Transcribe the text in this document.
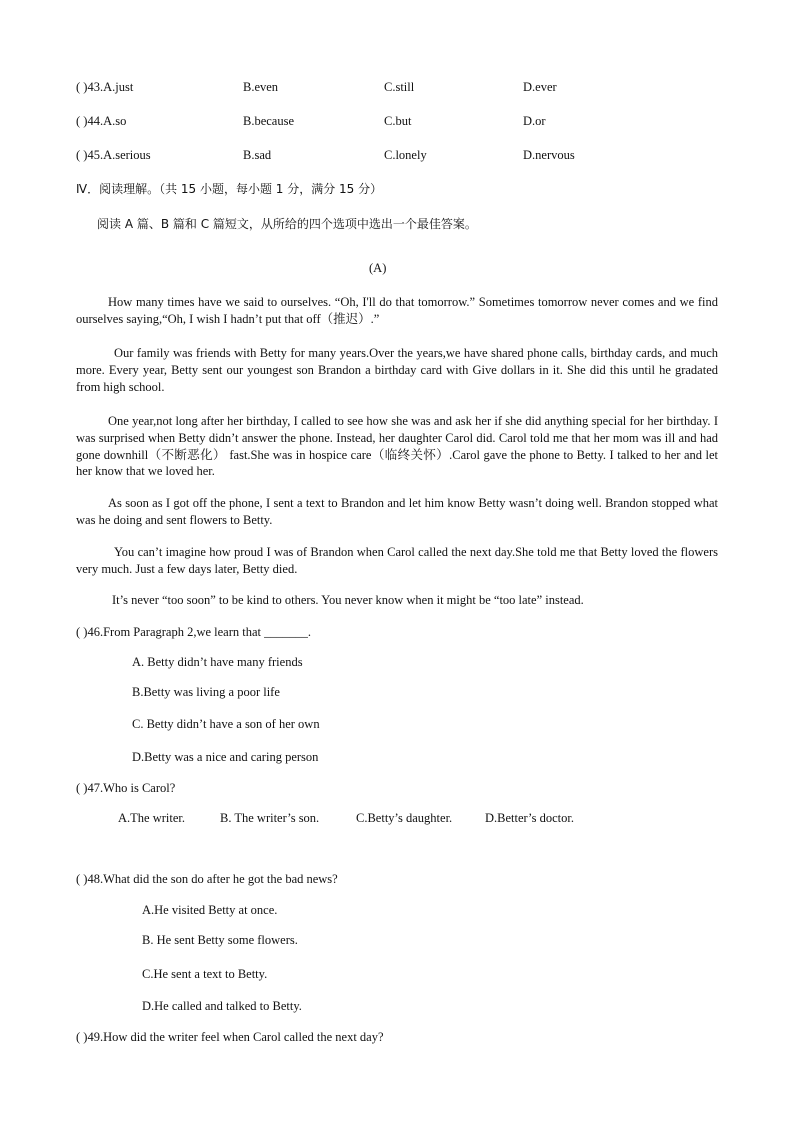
( )43.A.just	B.even	C.still	D.ever
( )44.A.so	B.because	C.but	D.or
( )45.A.serious	B.sad	C.lonely	D.nervous
Ⅳ．阅读理解。（共 15 小题，每小题 1 分，满分 15 分）
阅读 A 篇、B 篇和 C 篇短文，从所给的四个选项中选出一个最佳答案。
(A)
How many times have we said to ourselves. “Oh, I'll do that tomorrow.” Sometimes tomorrow never comes and we find ourselves saying,“Oh, I wish I hadn’t put that off（推迟）.”
Our family was friends with Betty for many years.Over the years,we have shared phone calls, birthday cards, and much more. Every year, Betty sent our youngest son Brandon a birthday card with Give dollars in it. She did this until he gradated from high school.
One year,not long after her birthday, I called to see how she was and ask her if she did anything special for her birthday. I was surprised when Betty didn’t answer the phone. Instead, her daughter Carol did. Carol told me that her mom was ill and had gone downhill（不断恶化） fast.She was in hospice care（临终关怀）.Carol gave the phone to Betty. I talked to her and let her know that we loved her.
As soon as I got off the phone, I sent a text to Brandon and let him know Betty wasn’t doing well. Brandon stopped what was he doing and sent flowers to Betty.
You can’t imagine how proud I was of Brandon when Carol called the next day.She told me that Betty loved the flowers very much. Just a few days later, Betty died.
It’s never “too soon” to be kind to others. You never know when it might be “too late” instead.
( )46.From Paragraph 2,we learn that _______.
A. Betty didn’t have many friends
B.Betty was living a poor life
C. Betty didn’t have a son of her own
D.Betty was a nice and caring person
( )47.Who is Carol?
A.The writer.	B. The writer’s son.	C.Betty’s daughter.	D.Better’s doctor.
( )48.What did the son do after he got the bad news?
A.He visited Betty at once.
B. He sent Betty some flowers.
C.He sent a text to Betty.
D.He called and talked to Betty.
( )49.How did the writer feel when Carol called the next day?
